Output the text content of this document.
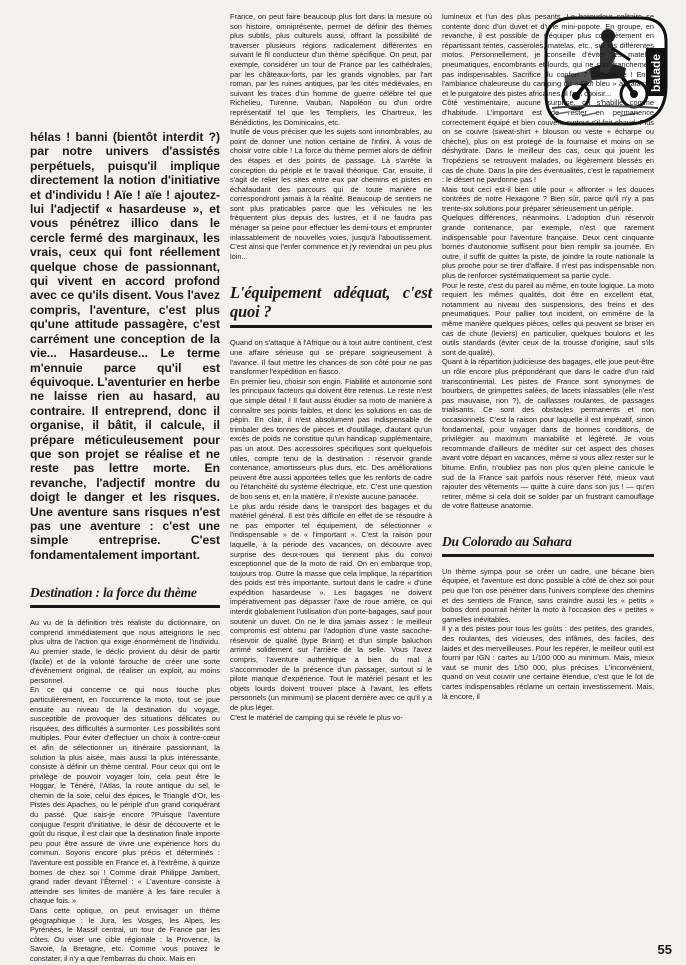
balade

hélas ! banni (bientôt interdit ?) par notre univers d'assistés perpétuels, puisqu'il implique directement la notion d'initiative et d'individu ! Aïe ! aïe ! ajoutez-lui l'adjectif « hasardeuse », et vous pénétrez illico dans le cercle fermé des marginaux, les vrais, ceux qui font réellement quelque chose de passionnant, qui vivent en accord profond avec ce qu'ils disent. Vous l'avez compris, l'aventure, c'est plus qu'une attitude passagère, c'est carrément une conception de la vie... Hasardeuse... Le terme m'ennuie parce qu'il est équivoque. L'aventurier en herbe ne laisse rien au hasard, au contraire. Il entreprend, donc il organise, il bâtit, il calcule, il prépare méticuleusement pour que son projet se réalise et ne reste pas lettre morte. En revanche, l'adjectif montre du doigt le danger et les risques. Une aventure sans risques n'est pas une aventure : c'est une simple entreprise. C'est fondamentalement important.

Destination : la force du thème

Au vu de la définition très réaliste du dictionnaire, on comprend immédiatement que nous atteignons le nec plus ultra de l'action qui exige énormément de l'individu. Au premier stade, le déclic provient du désir de partir (facile) et de la volonté farouche de créer une sorte d'événement original, de réaliser un exploit, au moins personnel.

En ce qui concerne ce qui nous touche plus particulièrement, en l'occurrence la moto, tout se joue ensuite au niveau de la destination du voyage, susceptible de provoquer des situations délicates ou risquées, des difficultés à surmonter. Les possibilités sont multiples. Pour éviter d'effectuer un choix à contre-cœur et afin de sélectionner un itinéraire passionnant, la solution la plus aisée, mais aussi la plus intéressante, consiste à définir un thème central. Pour ceux qui ont le privilège de pouvoir voyager loin, cela peut être le Hoggar, le Ténéré, l'Atlas, la route antique du sel, le chemin de la soie, celui des épices, le Triangle d'Or, les Pistes des Apaches, ou le périple d'un grand conquérant du passé. Que sais-je encore ?Puisque l'aventure conjugue l'esprit d'initiative, le désir de découverte et le goût du risque, il est clair que la destination finale importe peu pour être assuré de vivre une expérience hors du commun. Soyons encore plus précis et déterminés : l'aventure est possible en France et, à l'extrême, à quinze bornes de chez soi ! Comme dirait Philippe Jambert, grand rader devant l'Éternel : « L'aventure consiste à atteindre ses limites de manière à les faire reculer à chaque fois. »

Dans cette optique, on peut envisager un thème géographique : le Jura, les Vosges, les Alpes, les Pyrénées, le Massif central, un tour de France par les côtes. Ou viser une cible régionale : la Provence, la Savoie, la Bretagne, etc. Comme vous pouvez le constater, il n'y a que l'embarras du choix. Mais en

France, on peut faire beaucoup plus fort dans la mesure où son histoire, omniprésente, permet de définir des thèmes plus subtils, plus culturels aussi, offrant la possibilité de traverser plusieurs régions radicalement différentes en suivant le fil conducteur d'un thème spécifique. On peut, par exemple, considérer un tour de France par les cathédrales, par les châteaux-forts, par les grands vignobles, par l'art roman, par les ruines antiques, par les cités médiévales, en suivant les traces d'un homme de guerre célèbre tel que Richelieu, Turenne, Vauban, Napoléon ou d'un ordre représentatif tel que les Templiers, les Chartreux, les Bénédictins, les Dominicains, etc.

Inutile de vous préciser que les sujets sont innombrables, au point de donner une notion certaine de l'infini. À vous de choisir votre cible ! La force du thème permet alors de définir des étapes et des points de passage. Là s'arrête la conception du périple et le travail théorique. Car, ensuite, il s'agit de relier les sites entre eux par chemins et pistes en échafaudant des parcours qui de toute manière ne correspondront jamais à la réalité. Beaucoup de sentiers ne sont plus praticables parce que les véhicules ne les fréquentent plus depuis des lustres, et il ne faudra pas ménager sa peine pour effectuer les demi-tours et emprunter inlassablement de nouvelles voies, jusqu'à l'aboutissement. C'est ainsi que l'enfer commence et j'y reviendrai un peu plus loin...

L'équipement adéquat, c'est quoi ?

Quand on s'attaque à l'Afrique ou à tout autre continent, c'est une affaire sérieuse qui se prépare soigneusement à l'avance. Il faut mettre les chances de son côté pour ne pas transformer l'expédition en fiasco.

En premier lieu, choisir son engin. Fiabilité et autonomie sont les principaux facteurs qui doivent être retenus. Le reste n'est que simple détail ! Il faut aussi étudier sa moto de manière à connaître ses points faibles, et donc les solutions en cas de pépin. En clair, il n'est absolument pas indispensable de trimbaler des tonnes de pièces et d'outillage, d'autant qu'un excès de poids ne constitue qu'un handicap supplémentaire, pas un atout. Des accessoires spécifiques sont quelquefois utiles, compte tenu de la destination : réservoir grande contenance, amortisseurs plus durs, etc. Des améliorations peuvent être aussi apportées telles que les renforts de cadre ou l'étanchéité du système électrique, etc. C'est une question de bon sens et, en la matière, il n'existe aucune panacée.

Le plus ardu réside dans le transport des bagages et du matériel général. Il est très difficile en effet de se résoudre à ne pas emporter tel équipement, de sélectionner « l'indispensable » de « l'important ». C'est la raison pour laquelle, à la période des vacances, on découvre avec surprise des deux-roues qui tiennent plus du convoi exceptionnel que de la moto de raid. On en embarque trop, toujours trop. Outre la masse que cela implique, la répartition des poids est très importante, surtout dans le cadre « d'une expédition hasardeuse ». Les bagages ne doivent impérativement pas dépasser l'axe de roue arrière, ce qui interdit globalement l'utilisation d'un porte-bagages, sauf pour soutenir un duvet. On ne le dira jamais assez : le meilleur compromis est obtenu par l'adoption d'une vaste sacoche-réservoir de qualité (type Briant) et d'un simple baluchon arrimé solidement sur l'arrière de la selle. Vous l'avez compris, l'aventure authentique a bien du mal à s'accommoder de la présence d'un passager, surtout si le pilote manque d'expérience. Tout le matériel pesant et les objets lourds doivent trouver place à l'avant, les effets personnels (un minimum) se placent derrière avec ce qu'il y a de plus léger.

C'est le matériel de camping qui se révèle le plus vo-

lumineux et l'un des plus pesants. Le baroudeur solitaire se contente donc d'un duvet et d'une mini-popote. En groupe, en revanche, il est possible de s'équiper plus complètement en répartissant tentes, casseroles, matelas, etc., sur les différentes motos. Personnellement, je conseille d'éviter les matelas pneumatiques, encombrants et lourds, qui ne sont franchement pas indispensables. Sacrifice du confort ? Obligatoire ! Entre l'ambiance chaleureuse du camping du « Flot bleu » à Palavas, et le purgatoire des pistes africaines, il faut choisir...

Côté vestimentaire, aucune surprise, on s'habille comme d'habitude. L'important est de rester en permanence correctement équipé et bien couvert, surtout s'il fait chaud. Plus on se couvre (sweat-shirt + blouson ou veste + écharpe ou chèche), plus on est protégé de la fournaise et moins on se déshydrate. Dans le meilleur des cas, ceux qui jouent les Tropéziens se retrouvent malades, ou légèrement blessés en cas de chute. Dans la pire des éventualités, c'est le rapatriement : le désert ne pardonne pas !

Mais tout ceci est-il bien utile pour « affronter » les douces contrées de notre Hexagone ? Bien sûr, parce qu'il n'y a pas trente-six solutions pour préparer sérieusement un périple.

Quelques différences, néanmoins. L'adoption d'un réservoir grande contenance, par exemple, n'est que rarement indispensable pour l'aventure française. Deux cent cinquante bornes d'autonomie suffisent pour bien remplir sa journée. En outre, il suffit de quitter la piste, de joindre la route nationale la plus proche pour se tirer d'affaire. Il n'est pas indispensable non plus de renforcer systématiquement sa partie cycle.

Pour le reste, c'est du pareil au même, en toute logique. La moto requiert les mêmes qualités, doit être en excellent état, notamment au niveau des suspensions, des freins et des pneumatiques. Pour pallier tout incident, on emmène de la même manière quelques pièces, celles qui peuvent se briser en cas de chute (leviers) en particulier, quelques boulons et les outils standards (éviter ceux de la trousse d'origine, sauf s'ils sont de qualité).

Quant à la répartition judicieuse des bagages, elle joue peut-être un rôle encore plus prépondérant que dans le cadre d'un raid transcontinental. Les pistes de France sont synonymes de bourbiers, de grimpettes salées, de lacets inlassables (elle n'est pas mauvaise, non ?), de caillasses roulantes, de passages trialisants. Ce sont des obstacles permanents et non occasionnels. C'est la raison pour laquelle il est impératif, sinon fondamental, pour voyager dans de bonnes conditions, de privilégier au maximum maniabilité et légèreté. Je vous recommande d'ailleurs de méditer sur cet aspect des choses avant votre départ en vacances, même si vous allez rester sur le bitume. Enfin, n'oubliez pas non plus qu'en pleine canicule le sud de la France sait parfois nous réserver l'été, mieux vaut rajouter des vêtements — quitte à cuire dans son jus ! — qu'en retirer, même si cela doit se solder par un frustrant camouflage de votre flatteuse anatomie.

Du Colorado au Sahara

Un thème sympa pour se créer un cadre, une bécane bien équipée, et l'aventure est donc possible à côté de chez soi pour peu que l'on ose pénétrer dans l'univers complexe des chemins et des sentiers de France, sans craindre aussi les « petits » bobos dont pourrait hériter la moto à l'occasion des « petites » gamelles inévitables.

Il y a des pistes pour tous les goûts : des petites, des grandes, des roulantes, des vicieuses, des infâmes, des faciles, des laides et des merveilleuses. Pour les repérer, le meilleur outil est fourni par IGN : cartes au 1/100 000 au minimum. Mais, mieux vaut se munir des 1/50 000, plus précises. L'inconvénient, quand on veut couvrir une certaine étendue, c'est que le lot de cartes indispensables réclame un certain investissement. Mais, là encore, il

55
